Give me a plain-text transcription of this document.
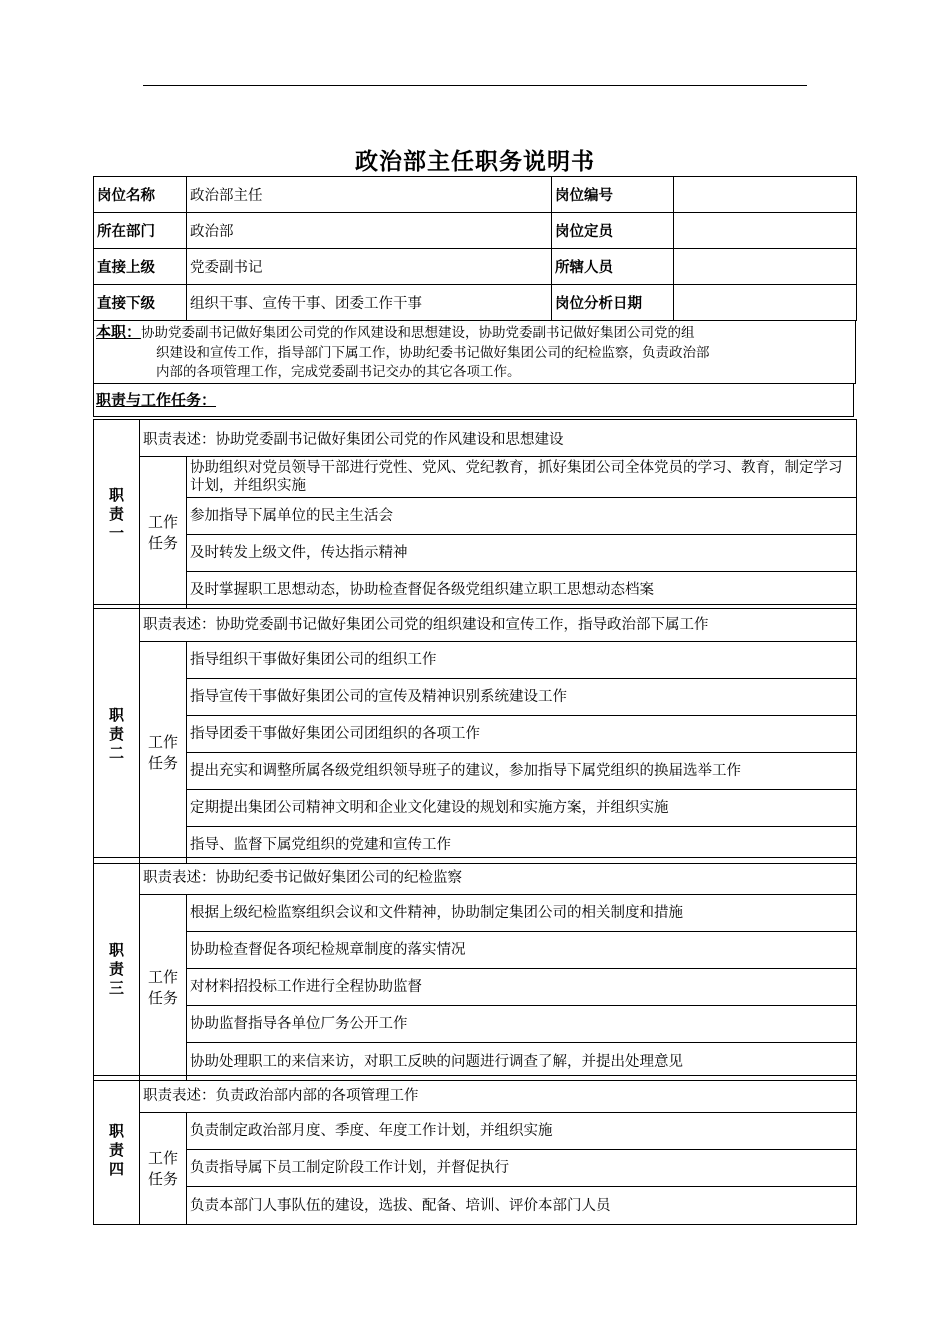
政治部主任职务说明书
岗位名称	政治部主任	岗位编号	
所在部门	政治部	岗位定员	
直接上级	党委副书记	所辖人员	
直接下级	组织干事、宣传干事、团委工作干事	岗位分析日期	
本职：协助党委副书记做好集团公司党的作风建设和思想建设，协助党委副书记做好集团公司党的组
织建设和宣传工作，指导部门下属工作，协助纪委书记做好集团公司的纪检监察，负责政治部
内部的各项管理工作，完成党委副书记交办的其它各项工作。
职责与工作任务：
职
责
一	职责表述：协助党委副书记做好集团公司党的作风建设和思想建设	

	工作
任务	协助组织对党员领导干部进行党性、党风、党纪教育，抓好集团公司全体党员的学习、教育，制定学习计划，并组织实施
		参加指导下属单位的民主生活会
		及时转发上级文件，传达指示精神
		及时掌握职工思想动态，协助检查督促各级党组织建立职工思想动态档案
职
责
二	职责表述：协助党委副书记做好集团公司党的组织建设和宣传工作，指导政治部下属工作	

	工作
任务	指导组织干事做好集团公司的组织工作
		指导宣传干事做好集团公司的宣传及精神识别系统建设工作
		指导团委干事做好集团公司团组织的各项工作
		提出充实和调整所属各级党组织领导班子的建议，参加指导下属党组织的换届选举工作
		定期提出集团公司精神文明和企业文化建设的规划和实施方案，并组织实施
		指导、监督下属党组织的党建和宣传工作
职
责
三	职责表述：协助纪委书记做好集团公司的纪检监察	

	工作
任务	根据上级纪检监察组织会议和文件精神，协助制定集团公司的相关制度和措施
		协助检查督促各项纪检规章制度的落实情况
		对材料招投标工作进行全程协助监督
		协助监督指导各单位厂务公开工作
		协助处理职工的来信来访，对职工反映的问题进行调查了解，并提出处理意见
职
责
四	职责表述：负责政治部内部的各项管理工作	

	工作
任务	负责制定政治部月度、季度、年度工作计划，并组织实施
		负责指导属下员工制定阶段工作计划，并督促执行
		负责本部门人事队伍的建设，选拔、配备、培训、评价本部门人员
